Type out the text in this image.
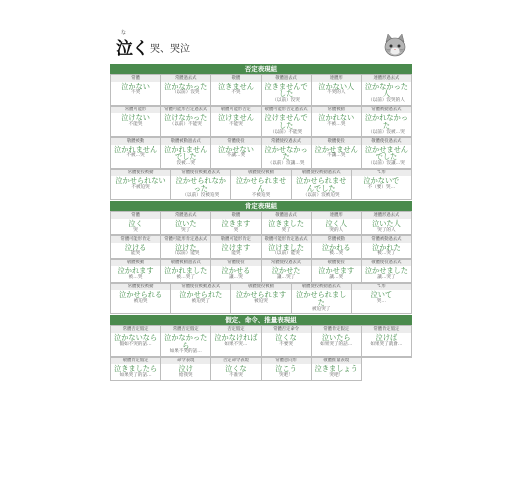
な
泣く 哭、哭泣
否定表現組
常體
泣かない
不哭
常體過去式
泣かなかった
（以前）沒哭
敬體
泣きません
不哭
敬體過去式
泣きませんでした
（以前）沒哭
連體形
泣かない人
不哭的人
連體形過去式
泣かなかった人
（以前）沒哭的人
常體可能形
泣けない
不能哭
常體可能形否定過去式
泣けなかった
（以前）不能哭
敬體可能形否定
泣けません
不能哭
敬體可能形否定過去式
泣けませんでした
（以前）不能哭
常體被動
泣かれない
不被…哭
常體被動過去式
泣かれなかった
（以前）沒被…哭
敬體被動
泣かれません
不被…哭
敬體被動過去式
泣かれませんでした
沒被…哭
常體使役
泣かせない
不讓…哭
常體使役過去式
泣かせなかった
（以前）沒讓…哭
敬體使役
泣かせません
不讓…哭
敬體使役過去式
泣かせませんでした
（以前）沒讓…哭
常體使役被動
泣かせられない
不被迫哭
常體使役被動過去式
泣かせられなかった
（以前）沒被迫哭
敬體使役被動
泣かせられません
不被迫哭
敬體使役被動過去式
泣かせられませんでした
（以前）沒被迫哭
て形
泣かないで
不（要）哭…
肯定表現組
常體
泣く
哭
常體過去式
泣いた
哭了
敬體
泣きます
哭
敬體過去式
泣きました
哭了
連體形
泣く人
哭的人
連體形過去式
泣いた人
哭了的人
常體可能形肯定
泣ける
能哭
常體可能形肯定過去式
泣けた
（以前）能哭
敬體可能形肯定
泣けます
能哭
敬體可能形肯定過去式
泣けました
（以前）能哭
常體被動
泣かれる
被…哭
常體被動過去式
泣かれた
被…哭了
敬體被動
泣かれます
被…哭
敬體被動過去式
泣かれました
被…哭了
常體使役
泣かせる
讓…哭
常體使役過去式
泣かせた
讓…哭了
敬體使役
泣かせます
讓…哭
敬體使役過去式
泣かせました
讓…哭了
常體使役被動
泣かせられる
被迫哭
常體使役被動過去式
泣かせられた
被迫哭了
敬體使役被動
泣かせられます
被迫哭
敬體使役被動過去式
泣かせられました
被迫哭了
て形
泣いて
哭…
假定、命令、推量表現組
常體否定假定
泣かないなら
假如不哭的話…
常體否定假定
泣かなかったら
如果不哭的話…
否定假定
泣かなければ
如果不哭…
常體否定命令
泣くな
不要哭
常體肯定假定
泣いたら
如果哭了的話…
常體肯定假定
泣けば
如果哭了就會…
敬體肯定假定
泣きましたら
如果哭了的話…
命令表現
泣け
給我哭
否定命令表現
泣くな
不准哭
常體意向形
泣こう
哭吧！
敬體推量表現
泣きましょう
哭吧！
